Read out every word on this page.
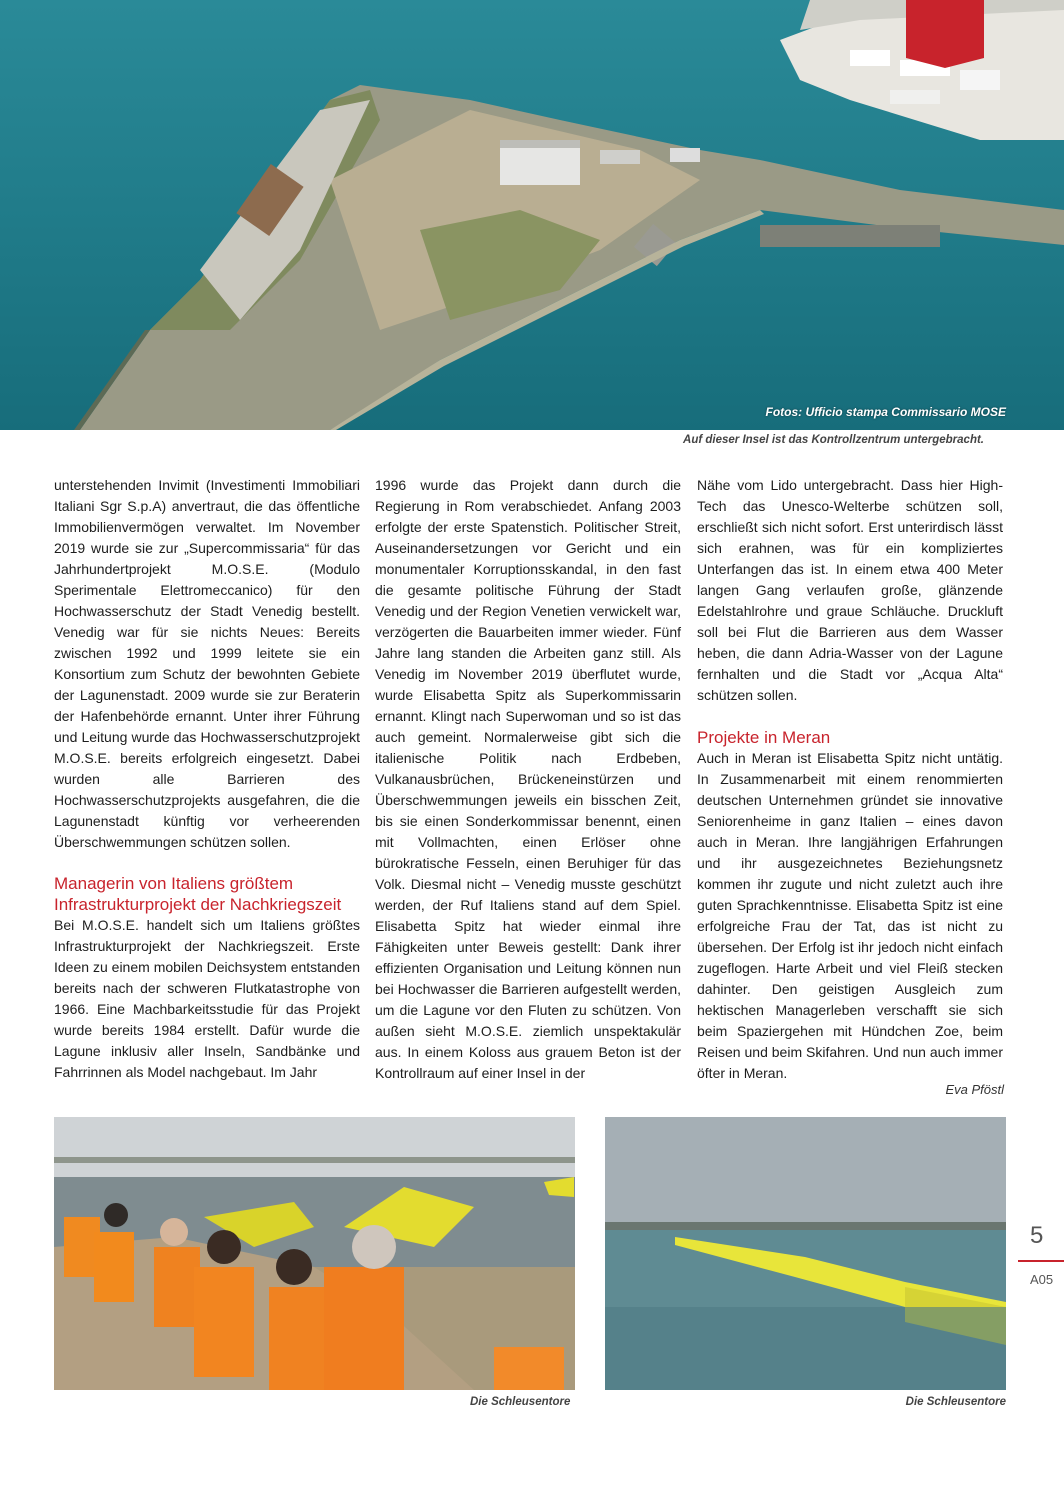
Fotos: Ufficio stampa Commissario MOSE
Auf dieser Insel ist das Kontrollzentrum untergebracht.

unterstehenden Invimit (Investimenti Immobiliari Italiani Sgr S.p.A) anvertraut, die das öffentliche Immobilienvermögen verwaltet. Im November 2019 wurde sie zur „Supercommissaria“ für das Jahrhundertprojekt M.O.S.E. (Modulo Sperimentale Elettromeccanico) für den Hochwasserschutz der Stadt Venedig bestellt. Venedig war für sie nichts Neues: Bereits zwischen 1992 und 1999 leitete sie ein Konsortium zum Schutz der bewohnten Gebiete der Lagunenstadt. 2009 wurde sie zur Beraterin der Hafenbehörde ernannt. Unter ihrer Führung und Leitung wurde das Hochwasserschutzprojekt M.O.S.E. bereits erfolgreich eingesetzt. Dabei wurden alle Barrieren des Hochwasserschutzprojekts ausgefahren, die die Lagunenstadt künftig vor verheerenden Überschwemmungen schützen sollen.

Managerin von Italiens größtem Infrastrukturprojekt der Nachkriegszeit

Bei M.O.S.E. handelt sich um Italiens größtes Infrastrukturprojekt der Nachkriegszeit. Erste Ideen zu einem mobilen Deichsystem entstanden bereits nach der schweren Flutkatastrophe von 1966. Eine Machbarkeitsstudie für das Projekt wurde bereits 1984 erstellt. Dafür wurde die Lagune inklusiv aller Inseln, Sandbänke und Fahrrinnen als Model nachgebaut. Im Jahr

1996 wurde das Projekt dann durch die Regierung in Rom verabschiedet. Anfang 2003 erfolgte der erste Spatenstich. Politischer Streit, Auseinandersetzungen vor Gericht und ein monumentaler Korruptionsskandal, in den fast die gesamte politische Führung der Stadt Venedig und der Region Venetien verwickelt war, verzögerten die Bauarbeiten immer wieder. Fünf Jahre lang standen die Arbeiten ganz still. Als Venedig im November 2019 überflutet wurde, wurde Elisabetta Spitz als Superkommissarin ernannt. Klingt nach Superwoman und so ist das auch gemeint. Normalerweise gibt sich die italienische Politik nach Erdbeben, Vulkanausbrüchen, Brückeneinstürzen und Überschwemmungen jeweils ein bisschen Zeit, bis sie einen Sonderkommissar benennt, einen mit Vollmachten, einen Erlöser ohne bürokratische Fesseln, einen Beruhiger für das Volk. Diesmal nicht – Venedig musste geschützt werden, der Ruf Italiens stand auf dem Spiel. Elisabetta Spitz hat wieder einmal ihre Fähigkeiten unter Beweis gestellt: Dank ihrer effizienten Organisation und Leitung können nun bei Hochwasser die Barrieren aufgestellt werden, um die Lagune vor den Fluten zu schützen. Von außen sieht M.O.S.E. ziemlich unspektakulär aus. In einem Koloss aus grauem Beton ist der Kontrollraum auf einer Insel in der

Nähe vom Lido untergebracht. Dass hier High-Tech das Unesco-Welterbe schützen soll, erschließt sich nicht sofort. Erst unterirdisch lässt sich erahnen, was für ein kompliziertes Unterfangen das ist. In einem etwa 400 Meter langen Gang verlaufen große, glänzende Edelstahlrohre und graue Schläuche. Druckluft soll bei Flut die Barrieren aus dem Wasser heben, die dann Adria-Wasser von der Lagune fernhalten und die Stadt vor „Acqua Alta“ schützen sollen.

Projekte in Meran

Auch in Meran ist Elisabetta Spitz nicht untätig. In Zusammenarbeit mit einem renommierten deutschen Unternehmen gründet sie innovative Seniorenheime in ganz Italien – eines davon auch in Meran. Ihre langjährigen Erfahrungen und ihr ausgezeichnetes Beziehungsnetz kommen ihr zugute und nicht zuletzt auch ihre guten Sprachkenntnisse. Elisabetta Spitz ist eine erfolgreiche Frau der Tat, das ist nicht zu übersehen. Der Erfolg ist ihr jedoch nicht einfach zugeflogen. Harte Arbeit und viel Fleiß stecken dahinter. Den geistigen Ausgleich zum hektischen Managerleben verschafft sie sich beim Spaziergehen mit Hündchen Zoe, beim Reisen und beim Skifahren. Und nun auch immer öfter in Meran.

Eva Pföstl
Die Schleusentore	Die Schleusentore
5
A05
